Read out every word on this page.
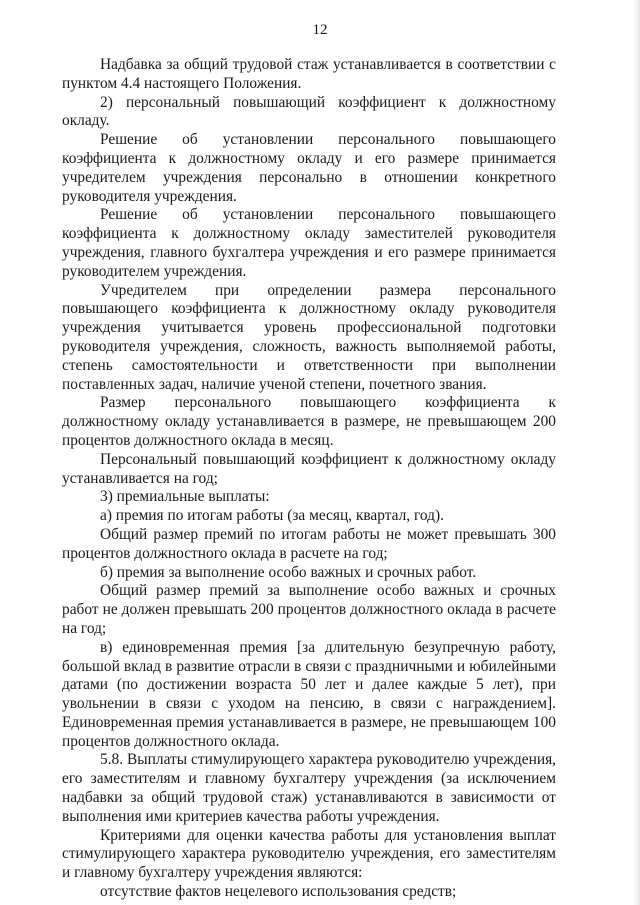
12

Надбавка за общий трудовой стаж устанавливается в соответствии с пунктом 4.4 настоящего Положения.

2) персональный повышающий коэффициент к должностному окладу.

Решение об установлении персонального повышающего коэффициента к должностному окладу и его размере принимается учредителем учреждения персонально в отношении конкретного руководителя учреждения.

Решение об установлении персонального повышающего коэффициента к должностному окладу заместителей руководителя учреждения, главного бухгалтера учреждения и его размере принимается руководителем учреждения.

Учредителем при определении размера персонального повышающего коэффициента к должностному окладу руководителя учреждения учитывается уровень профессиональной подготовки руководителя учреждения, сложность, важность выполняемой работы, степень самостоятельности и ответственности при выполнении поставленных задач, наличие ученой степени, почетного звания.

Размер персонального повышающего коэффициента к должностному окладу устанавливается в размере, не превышающем 200 процентов должностного оклада в месяц.

Персональный повышающий коэффициент к должностному окладу устанавливается на год;

3) премиальные выплаты:

а) премия по итогам работы (за месяц, квартал, год).

Общий размер премий по итогам работы не может превышать 300 процентов должностного оклада в расчете на год;

б) премия за выполнение особо важных и срочных работ.

Общий размер премий за выполнение особо важных и срочных работ не должен превышать 200 процентов должностного оклада в расчете на год;

в) единовременная премия [за длительную безупречную работу, большой вклад в развитие отрасли в связи с праздничными и юбилейными датами (по достижении возраста 50 лет и далее каждые 5 лет), при увольнении в связи с уходом на пенсию, в связи с награждением]. Единовременная премия устанавливается в размере, не превышающем 100 процентов должностного оклада.

5.8. Выплаты стимулирующего характера руководителю учреждения, его заместителям и главному бухгалтеру учреждения (за исключением надбавки за общий трудовой стаж) устанавливаются в зависимости от выполнения ими критериев качества работы учреждения.

Критериями для оценки качества работы для установления выплат стимулирующего характера руководителю учреждения, его заместителям и главному бухгалтеру учреждения являются:

отсутствие фактов нецелевого использования средств;
